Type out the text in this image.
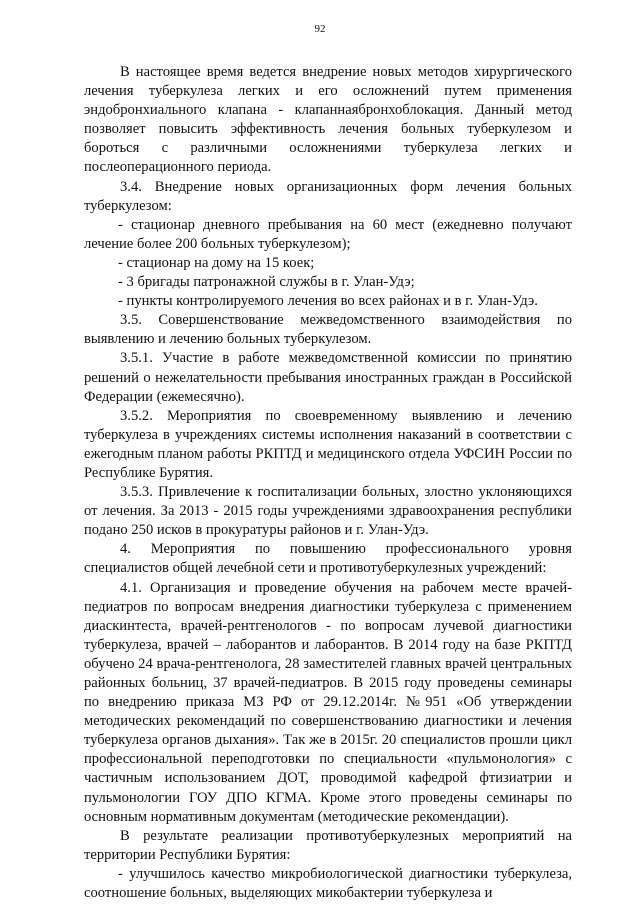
92

В настоящее время ведется внедрение новых методов хирургического лечения туберкулеза легких и его осложнений путем применения эндобронхиального клапана - клапаннаябронхоблокация. Данный метод позволяет повысить эффективность лечения больных туберкулезом и бороться с различными осложнениями туберкулеза легких и послеоперационного периода.

3.4. Внедрение новых организационных форм лечения больных туберкулезом:

- стационар дневного пребывания на 60 мест (ежедневно получают лечение более 200 больных туберкулезом);

- стационар на дому на 15 коек;

- 3 бригады патронажной службы в г. Улан-Удэ;

- пункты контролируемого лечения во всех районах и в г. Улан-Удэ.

3.5. Совершенствование межведомственного взаимодействия по выявлению и лечению больных туберкулезом.

3.5.1. Участие в работе межведомственной комиссии по принятию решений о нежелательности пребывания иностранных граждан в Российской Федерации (ежемесячно).

3.5.2. Мероприятия по своевременному выявлению и лечению туберкулеза в учреждениях системы исполнения наказаний в соответствии с ежегодным планом работы РКПТД и медицинского отдела УФСИН России по Республике Бурятия.

3.5.3. Привлечение к госпитализации больных, злостно уклоняющихся от лечения. За 2013 - 2015 годы учреждениями здравоохранения республики подано 250 исков в прокуратуры районов и г. Улан-Удэ.

4. Мероприятия по повышению профессионального уровня специалистов общей лечебной сети и противотуберкулезных учреждений:

4.1. Организация и проведение обучения на рабочем месте врачей-педиатров по вопросам внедрения диагностики туберкулеза с применением диаскинтеста, врачей-рентгенологов - по вопросам лучевой диагностики туберкулеза, врачей – лаборантов и лаборантов. В 2014 году на базе РКПТД обучено 24 врача-рентгенолога, 28 заместителей главных врачей центральных районных больниц, 37 врачей-педиатров. В 2015 году проведены семинары по внедрению приказа МЗ РФ от 29.12.2014г. №951 «Об утверждении методических рекомендаций по совершенствованию диагностики и лечения туберкулеза органов дыхания». Так же в 2015г. 20 специалистов прошли цикл профессиональной переподготовки по специальности «пульмонология» с частичным использованием ДОТ, проводимой кафедрой фтизиатрии и пульмонологии ГОУ ДПО КГМА. Кроме этого проведены семинары по основным нормативным документам (методические рекомендации).

В результате реализации противотуберкулезных мероприятий на территории Республики Бурятия:

- улучшилось качество микробиологической диагностики туберкулеза, соотношение больных, выделяющих микобактерии туберкулеза и
